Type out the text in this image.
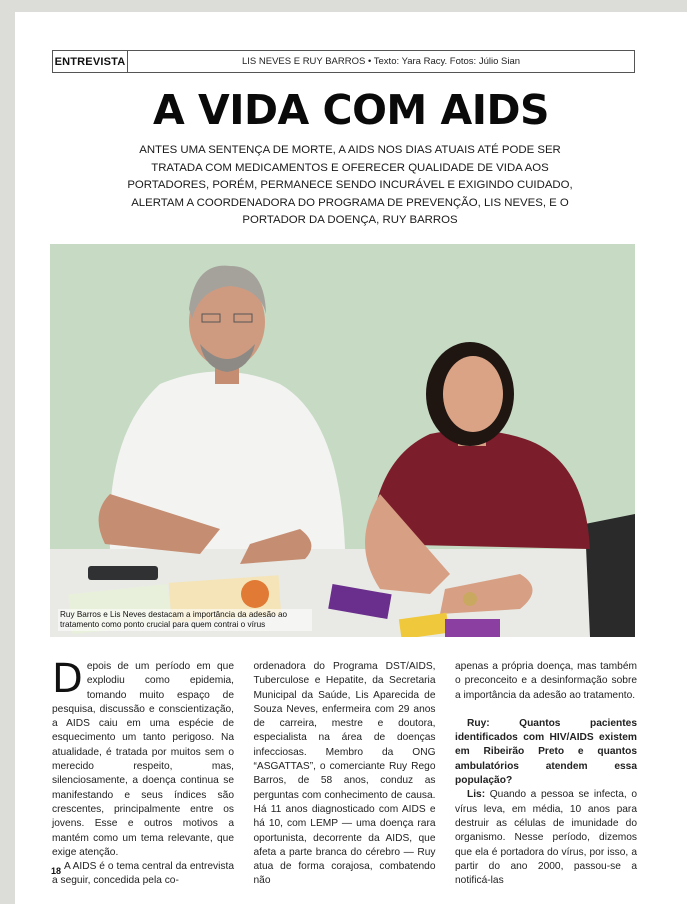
ENTREVISTA	LIS NEVES E RUY BARROS • Texto: Yara Racy. Fotos: Júlio Sian
A VIDA COM AIDS
ANTES UMA SENTENÇA DE MORTE, A AIDS NOS DIAS ATUAIS ATÉ PODE SER TRATADA COM MEDICAMENTOS E OFERECER QUALIDADE DE VIDA AOS PORTADORES, PORÉM, PERMANECE SENDO INCURÁVEL E EXIGINDO CUIDADO, ALERTAM A COORDENADORA DO PROGRAMA DE PREVENÇÃO, LIS NEVES, E O PORTADOR DA DOENÇA, RUY BARROS
Ruy Barros e Lis Neves destacam a importância da adesão ao tratamento como ponto crucial para quem contrai o vírus

Depois de um período em que explodiu como epidemia, tomando muito espaço de pesquisa, discussão e conscientização, a AIDS caiu em uma espécie de esquecimento um tanto perigoso. Na atualidade, é tratada por muitos sem o merecido respeito, mas, silenciosamente, a doença continua se manifestando e seus índices são crescentes, principalmente entre os jovens. Esse e outros motivos a mantém como um tema relevante, que exige atenção.

A AIDS é o tema central da entrevista a seguir, concedida pela co-

ordenadora do Programa DST/AIDS, Tuberculose e Hepatite, da Secretaria Municipal da Saúde, Lis Aparecida de Souza Neves, enfermeira com 29 anos de carreira, mestre e doutora, especialista na área de doenças infecciosas. Membro da ONG “ASGATTAS”, o comerciante Ruy Rego Barros, de 58 anos, conduz as perguntas com conhecimento de causa. Há 11 anos diagnosticado com AIDS e há 10, com LEMP — uma doença rara oportunista, decorrente da AIDS, que afeta a parte branca do cérebro — Ruy atua de forma corajosa, combatendo não

apenas a própria doença, mas também o preconceito e a desinformação sobre a importância da adesão ao tratamento.

Ruy: Quantos pacientes identificados com HIV/AIDS existem em Ribeirão Preto e quantos ambulatórios atendem essa população?

Lis: Quando a pessoa se infecta, o vírus leva, em média, 10 anos para destruir as células de imunidade do organismo. Nesse período, dizemos que ela é portadora do vírus, por isso, a partir do ano 2000, passou-se a notificá-las

18
